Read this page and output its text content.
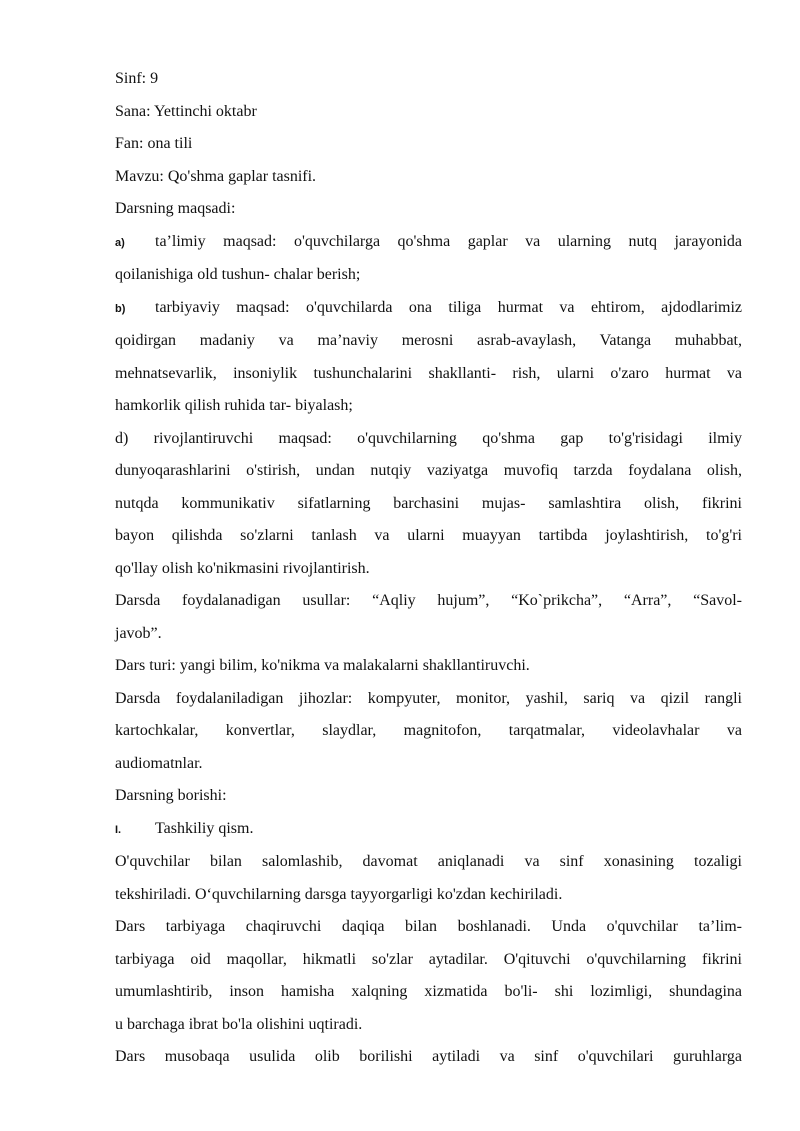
Sinf: 9
Sana: Yettinchi oktabr
Fan: ona tili
Mavzu: Qo'shma gaplar tasnifi.
Darsning maqsadi:
a) ta’limiy maqsad: o'quvchilarga qo'shma gaplar va ularning nutq jarayonida
qoilanishiga old tushun- chalar berish;
b) tarbiyaviy maqsad: o'quvchilarda ona tiliga hurmat va ehtirom, ajdodlarimiz
qoidirgan madaniy va ma’naviy merosni asrab-avaylash, Vatanga muhabbat,
mehnatsevarlik, insoniylik tushunchalarini shakllanti- rish, ularni o'zaro hurmat va
hamkorlik qilish ruhida tar- biyalash;
d) rivojlantiruvchi maqsad: o'quvchilarning qo'shma gap to'g'risidagi ilmiy
dunyoqarashlarini o'stirish, undan nutqiy vaziyatga muvofiq tarzda foydalana olish,
nutqda kommunikativ sifatlarning barchasini mujas- samlashtira olish, fikrini
bayon qilishda so'zlarni tanlash va ularni muayyan tartibda joylashtirish, to'g'ri
qo'llay olish ko'nikmasini rivojlantirish.
Darsda foydalanadigan usullar: “Aqliy hujum”, “Ko`prikcha”, “Arra”, “Savol-
javob”.
Dars turi: yangi bilim, ko'nikma va malakalarni shakllantiruvchi.
Darsda foydalaniladigan jihozlar: kompyuter, monitor, yashil, sariq va qizil rangli
kartochkalar, konvertlar, slaydlar, magnitofon, tarqatmalar, videolavhalar va
audiomatnlar.
Darsning borishi:
I. Tashkiliy qism.
O'quvchilar bilan salomlashib, davomat aniqlanadi va sinf xonasining tozaligi
tekshiriladi. O‘quvchilarning darsga tayyorgarligi ko'zdan kechiriladi.
Dars tarbiyaga chaqiruvchi daqiqa bilan boshlanadi. Unda o'quvchilar ta’lim-
tarbiyaga oid maqollar, hikmatli so'zlar aytadilar. O'qituvchi o'quvchilarning fikrini
umumlashtirib, inson hamisha xalqning xizmatida bo'li- shi lozimligi, shundagina
u barchaga ibrat bo'la olishini uqtiradi.
Dars musobaqa usulida olib borilishi aytiladi va sinf o'quvchilari guruhlarga
